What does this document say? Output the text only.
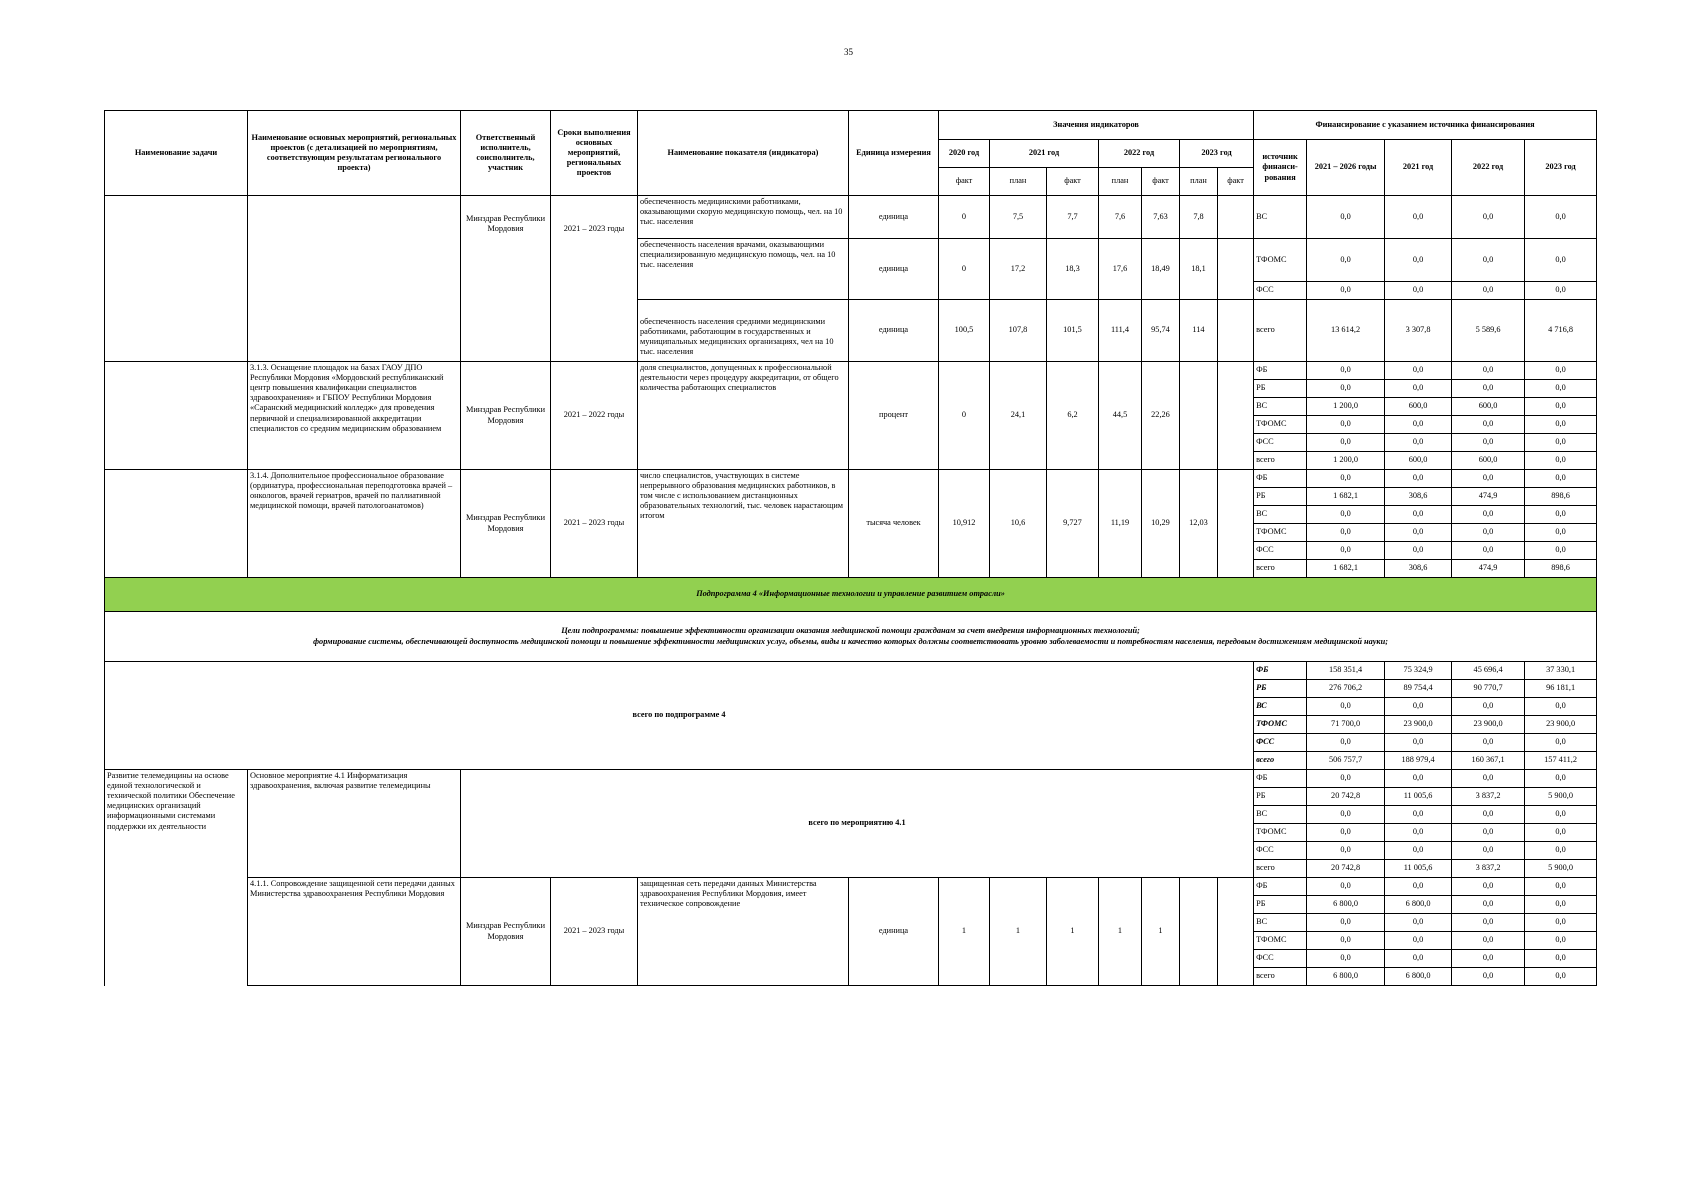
35
Наименование задачи	Наименование основных мероприятий, региональных проектов (с детализацией по мероприятиям, соответствующим результатам регионального проекта)	Ответственный исполнитель, соисполнитель, участник	Сроки выполнения основных мероприятий, региональных проектов	Наименование показателя (индикатора)	Единица измерения	Значения индикаторов							Финансирование с указанием источника финансирования				
						2020 год	2021 год		2022 год		2023 год		источник финанси-рования	2021 – 2026 годы	2021 год	2022 год	2023 год
						факт	план	факт	план	факт	план	факт					
		Минздрав Республики Мордовия	2021 – 2023 годы	обеспеченность медицинскими работниками, оказывающими скорую медицинскую помощь, чел. на 10 тыс. населения	единица	0	7,5	7,7	7,6	7,63	7,8		ВС	0,0	0,0	0,0	0,0
				обеспеченность населения врачами, оказывающими специализированную медицинскую помощь, чел. на 10 тыс. населения	единица	0	17,2	18,3	17,6	18,49	18,1		ТФОМС	0,0	0,0	0,0	0,0
													ФСС	0,0	0,0	0,0	0,0
				обеспеченность населения средними медицинскими работниками, работающим в государственных и муниципальных медицинских организациях, чел на 10 тыс. населения	единица	100,5	107,8	101,5	111,4	95,74	114		всего	13 614,2	3 307,8	5 589,6	4 716,8
	3.1.3. Оснащение площадок на базах ГАОУ ДПО Республики Мордовия «Мордовский республиканский центр повышения квалификации специалистов здравоохранения» и ГБПОУ Республики Мордовия «Саранский медицинский колледж» для проведения первичной и специализированной аккредитации специалистов со средним медицинским образованием	Минздрав Республики Мордовия	2021 – 2022 годы	доля специалистов, допущенных к профессиональной деятельности через процедуру аккредитации, от общего количества работающих специалистов	процент	0	24,1	6,2	44,5	22,26			ФБ	0,0	0,0	0,0	0,0
													РБ	0,0	0,0	0,0	0,0
													ВС	1 200,0	600,0	600,0	0,0
													ТФОМС	0,0	0,0	0,0	0,0
													ФСС	0,0	0,0	0,0	0,0
													всего	1 200,0	600,0	600,0	0,0
	3.1.4. Дополнительное профессиональное образование (ординатура, профессиональная переподготовка врачей – онкологов, врачей гериатров, врачей по паллиативной медицинской помощи, врачей патологоанатомов)	Минздрав Республики Мордовия	2021 – 2023 годы	число специалистов, участвующих в системе непрерывного образования медицинских работников, в том числе с использованием дистанционных образовательных технологий, тыс. человек нарастающим итогом	тысяча человек	10,912	10,6	9,727	11,19	10,29	12,03		ФБ	0,0	0,0	0,0	0,0
													РБ	1 682,1	308,6	474,9	898,6
													ВС	0,0	0,0	0,0	0,0
													ТФОМС	0,0	0,0	0,0	0,0
													ФСС	0,0	0,0	0,0	0,0
													всего	1 682,1	308,6	474,9	898,6
Подпрограмма 4 «Информационные технологии и управление развитием отрасли»																	

Цели подпрограммы: повышение эффективности организации оказания медицинской помощи гражданам за счет внедрения информационных технологий;
формирование системы, обеспечивающей доступность медицинской помощи и повышение эффективности медицинских услуг, объемы, виды и качество которых должны соответствовать уровню заболеваемости и потребностям населения, передовым достижениям медицинской науки;																	

всего по подпрограмме 4													ФБ	158 351,4	75 324,9	45 696,4	37 330,1
													РБ	276 706,2	89 754,4	90 770,7	96 181,1
													ВС	0,0	0,0	0,0	0,0
													ТФОМС	71 700,0	23 900,0	23 900,0	23 900,0
													ФСС	0,0	0,0	0,0	0,0
													всего	506 757,7	188 979,4	160 367,1	157 411,2
Развитие телемедицины на основе единой технологической и технической политики Обеспечение медицинских организаций информационными системами поддержки их деятельности	Основное мероприятие 4.1 Информатизация здравоохранения, включая развитие телемедицины	всего по мероприятию 4.1											ФБ	0,0	0,0	0,0	0,0
													РБ	20 742,8	11 005,6	3 837,2	5 900,0
													ВС	0,0	0,0	0,0	0,0
													ТФОМС	0,0	0,0	0,0	0,0
													ФСС	0,0	0,0	0,0	0,0
													всего	20 742,8	11 005,6	3 837,2	5 900,0
	4.1.1. Сопровождение защищенной сети передачи данных Министерства здравоохранения Республики Мордовия	Минздрав Республики Мордовия	2021 – 2023 годы	защищенная сеть передачи данных Министерства здравоохранения Республики Мордовия, имеет техническое сопровождение	единица	1	1	1	1	1			ФБ	0,0	0,0	0,0	0,0
													РБ	6 800,0	6 800,0	0,0	0,0
													ВС	0,0	0,0	0,0	0,0
													ТФОМС	0,0	0,0	0,0	0,0
													ФСС	0,0	0,0	0,0	0,0
													всего	6 800,0	6 800,0	0,0	0,0
